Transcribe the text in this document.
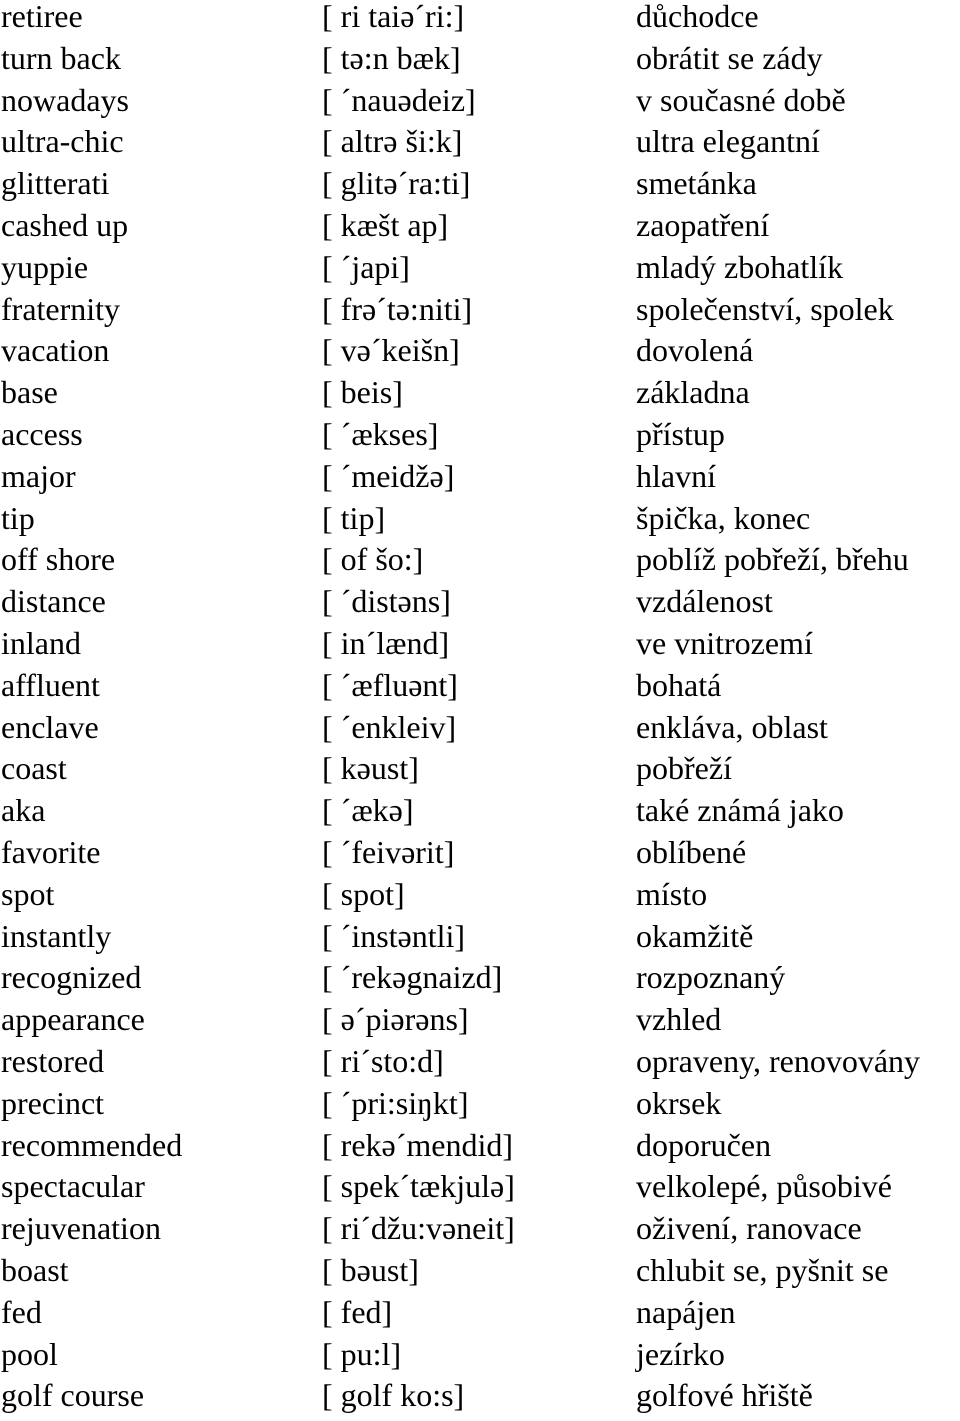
retiree	[ ri taiə´ri:]	důchodce
turn back	[ tə:n bæk]	obrátit se zády
nowadays	[ ´nauədeiz]	v současné době
ultra-chic	[ altrə ši:k]	ultra elegantní
glitterati	[ glitə´ra:ti]	smetánka
cashed up	[ kæšt ap]	zaopatření
yuppie	[ ´japi]	mladý zbohatlík
fraternity	[ frə´tə:niti]	společenství, spolek
vacation	[ və´keišn]	dovolená
base	[ beis]	základna
access	[ ´ækses]	přístup
major	[ ´meidžə]	hlavní
tip	[ tip]	špička, konec
off shore	[ of šo:]	poblíž pobřeží, břehu
distance	[ ´distəns]	vzdálenost
inland	[ in´lænd]	ve vnitrozemí
affluent	[ ´æfluənt]	bohatá
enclave	[ ´enkleiv]	enkláva, oblast
coast	[ kəust]	pobřeží
aka	[ ´ækə]	také známá jako
favorite	[ ´feivərit]	oblíbené
spot	[ spot]	místo
instantly	[ ´instəntli]	okamžitě
recognized	[ ´rekəgnaizd]	rozpoznaný
appearance	[ ə´piərəns]	vzhled
restored	[ ri´sto:d]	opraveny, renovovány
precinct	[ ´pri:siŋkt]	okrsek
recommended	[ rekə´mendid]	doporučen
spectacular	[ spek´tækjulə]	velkolepé, působivé
rejuvenation	[ ri´džu:vəneit]	oživení, ranovace
boast	[ bəust]	chlubit se, pyšnit se
fed	[ fed]	napájen
pool	[ pu:l]	jezírko
golf course	[ golf ko:s]	golfové hřiště
